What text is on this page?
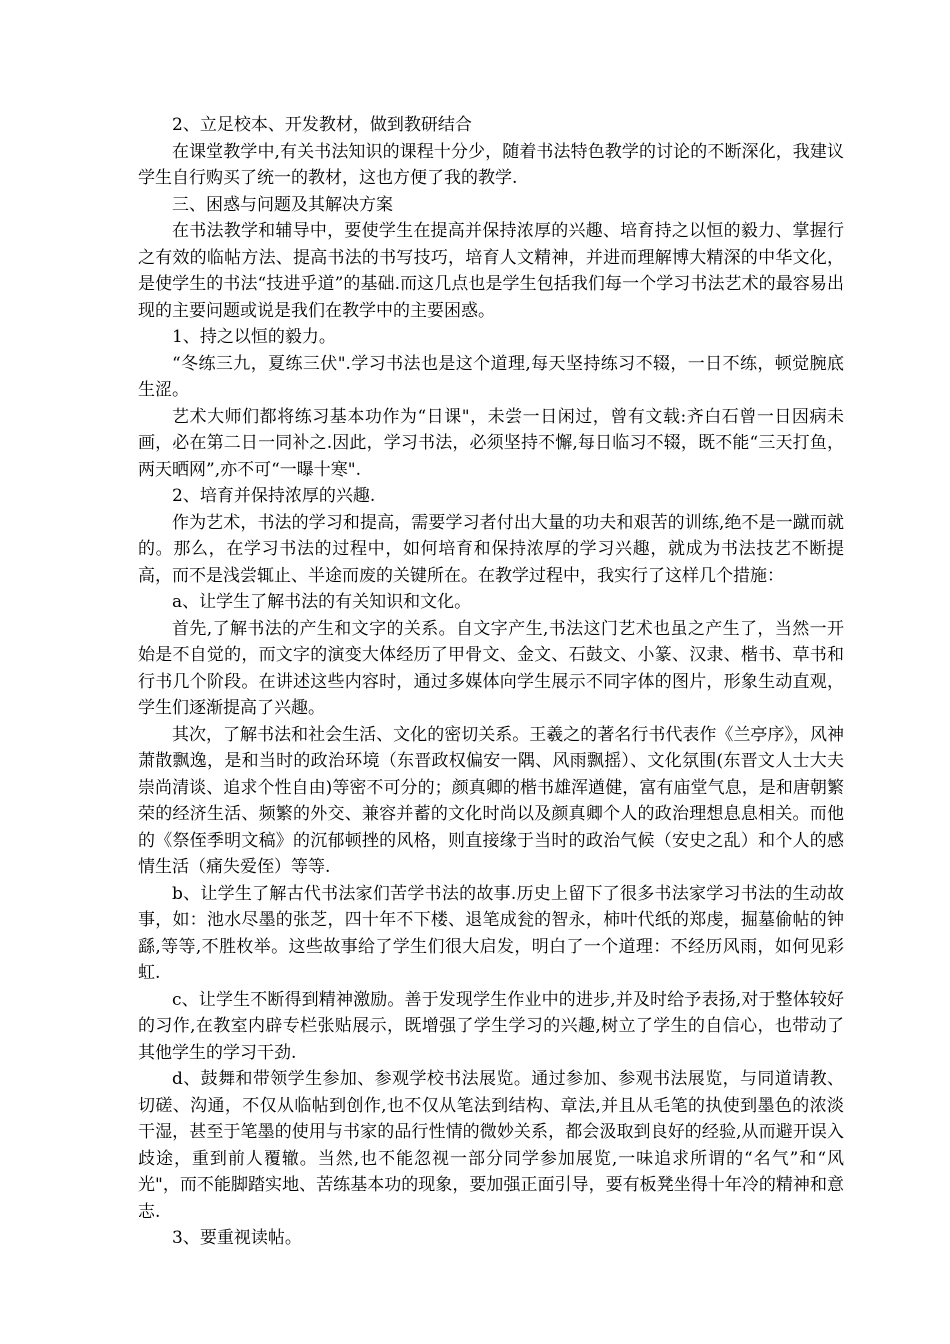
2、立足校本、开发教材，做到教研结合

在课堂教学中,有关书法知识的课程十分少，随着书法特色教学的讨论的不断深化，我建议学生自行购买了统一的教材，这也方便了我的教学.

三、困惑与问题及其解决方案

在书法教学和辅导中，要使学生在提高并保持浓厚的兴趣、培育持之以恒的毅力、掌握行之有效的临帖方法、提高书法的书写技巧，培育人文精神，并进而理解博大精深的中华文化，是使学生的书法“技进乎道”的基础.而这几点也是学生包括我们每一个学习书法艺术的最容易出现的主要问题或说是我们在教学中的主要困惑。

1、持之以恒的毅力。

“冬练三九，夏练三伏".学习书法也是这个道理,每天坚持练习不辍，一日不练，顿觉腕底生涩。

艺术大师们都将练习基本功作为“日课"，未尝一日闲过，曾有文载:齐白石曾一日因病未画，必在第二日一同补之.因此，学习书法，必须坚持不懈,每日临习不辍，既不能“三天打鱼，两天晒网”,亦不可“一曝十寒".

2、培育并保持浓厚的兴趣.

作为艺术，书法的学习和提高，需要学习者付出大量的功夫和艰苦的训练,绝不是一蹴而就的。那么，在学习书法的过程中，如何培育和保持浓厚的学习兴趣，就成为书法技艺不断提高，而不是浅尝辄止、半途而废的关键所在。在教学过程中，我实行了这样几个措施：

a、让学生了解书法的有关知识和文化。

首先,了解书法的产生和文字的关系。自文字产生,书法这门艺术也虽之产生了，当然一开始是不自觉的，而文字的演变大体经历了甲骨文、金文、石鼓文、小篆、汉隶、楷书、草书和行书几个阶段。在讲述这些内容时，通过多媒体向学生展示不同字体的图片，形象生动直观，学生们逐渐提高了兴趣。

其次，了解书法和社会生活、文化的密切关系。王羲之的著名行书代表作《兰亭序》，风神萧散飘逸，是和当时的政治环境（东晋政权偏安一隅、风雨飘摇）、文化氛围(东晋文人士大夫崇尚清谈、追求个性自由)等密不可分的；颜真卿的楷书雄浑遒健，富有庙堂气息，是和唐朝繁荣的经济生活、频繁的外交、兼容并蓄的文化时尚以及颜真卿个人的政治理想息息相关。而他的《祭侄季明文稿》的沉郁顿挫的风格，则直接缘于当时的政治气候（安史之乱）和个人的感情生活（痛失爱侄）等等.

b、让学生了解古代书法家们苦学书法的故事.历史上留下了很多书法家学习书法的生动故事，如：池水尽墨的张芝，四十年不下楼、退笔成瓮的智永，柿叶代纸的郑虔，掘墓偷帖的钟繇,等等,不胜枚举。这些故事给了学生们很大启发，明白了一个道理：不经历风雨，如何见彩虹.

c、让学生不断得到精神激励。善于发现学生作业中的进步,并及时给予表扬,对于整体较好的习作,在教室内辟专栏张贴展示，既增强了学生学习的兴趣,树立了学生的自信心，也带动了其他学生的学习干劲.

d、鼓舞和带领学生参加、参观学校书法展览。通过参加、参观书法展览，与同道请教、切磋、沟通，不仅从临帖到创作,也不仅从笔法到结构、章法,并且从毛笔的执使到墨色的浓淡干湿，甚至于笔墨的使用与书家的品行性情的微妙关系，都会汲取到良好的经验,从而避开误入歧途，重到前人覆辙。当然,也不能忽视一部分同学参加展览,一味追求所谓的“名气”和“风光"，而不能脚踏实地、苦练基本功的现象，要加强正面引导，要有板凳坐得十年冷的精神和意志.

3、要重视读帖。
